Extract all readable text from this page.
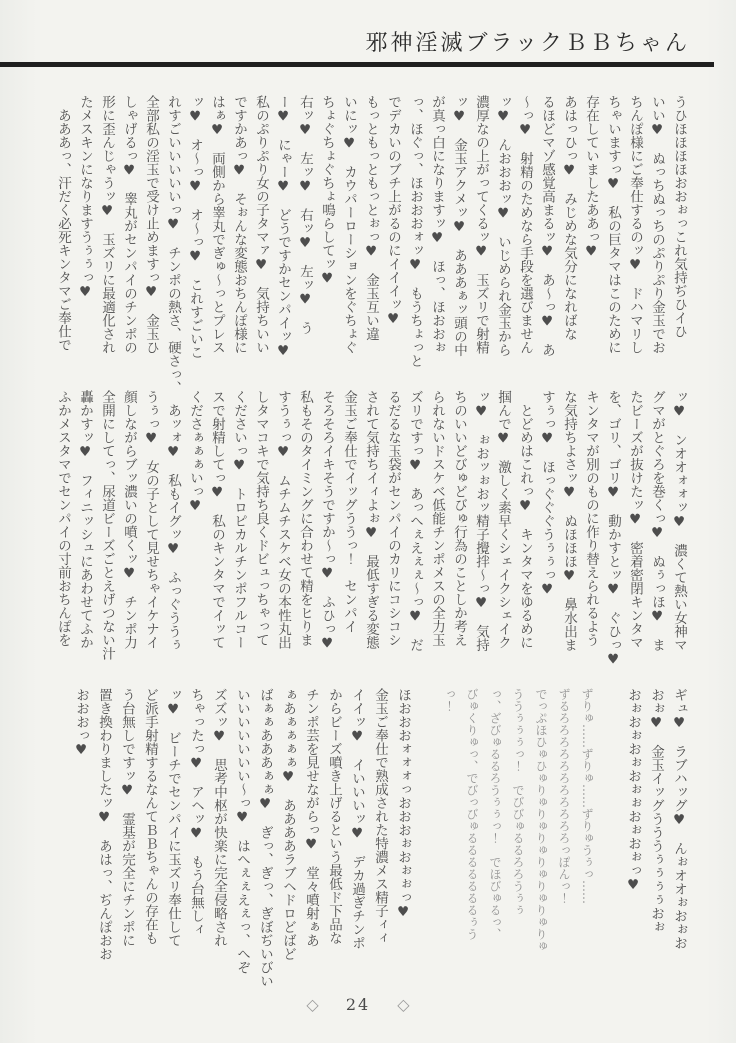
邪神淫滅ブラックＢＢちゃん

うひほほほほおおぉっこれ気持ぢひイひ

いい♥　ぬっちぬっちのぷりぷり金玉でお

ちんぽ様にご奉仕するのッ♥　ドハマリし

ちゃいますっ♥　私の巨タマはこのために

存在していましたああっ♥

あはっひっ♥　みじめな気分になればな

るほどマゾ感覚高まるッ♥　あ〜っ♥　あ

〜っ♥　射精のためなら手段を選びません

ッ♥　んおおおッ♥　いじめられ金玉から

濃厚なの上がってくるッ♥　玉ズリで射精

ッ♥　金玉アクメッ♥　あああぁッ頭の中

が真っ白になりますッ♥　ほっ、ほおおぉ

っ、ほぐっ、ほおおおォッ♥　もうちょっと

でデカいのブチ上がるのにイイイッ♥

もっともっともっとぉっ♥　金玉互い違

いにッ♥　カウパーローションをぐちょぐ

ちょぐちょぐちょ鳴らしてッ♥

右ッ♥　左ッ♥　右ッ♥　左ッ♥　う

ー♥　にゃー♥　どうですかセンパイッ♥

私のぷりぷり女の子タマァ♥　気持ちいい

ですかあっ♥　そぉんな変態おちんぽ様に

はぁ♥　両側から睾丸でぎゅ〜っとプレス

ッ♥　オ〜っ♥　オ〜っ♥　これすごいこ

れすごいいいいいっ♥　チンポの熱さ、硬さっ、

全部私の淫玉で受け止めますっ♥　金玉ひ

しゃげるっ♥　睾丸がセンパイのチンポの

形に歪んじゃうッ♥　玉ズリに最適化され

たメスキンになりますうぅぅっ♥

　あああっ、汗だく必死キンタマご奉仕で

ッ♥　ンオオォォッ♥　濃くて熱い女神マ

グマがとぐろを巻くっ♥　ぬぅっほ♥　ま

たビーズが抜けたッ♥　密着密閉キンタマ

を、ゴリ、ゴリ♥　動かすとッ♥　ぐひっ♥

キンタマが別のものに作り替えられるよう

な気持ちよさッ♥　ぬほほほ♥　鼻水出ま

すぅっ♥　ほっぐぐぐうぅぅっ♥

　とどめはこれっ♥　キンタマをゆるめに

掴んで♥　激しく素早くシェイクシェイク

ッ♥　ぉおッぉおッ精子攪拌〜っ♥　気持

ちのいいどびゅどびゅ行為のことしか考え

られないドスケベ低能チンポメスの全力玉

ズリですっ♥　あっへぇえぇぇ〜っ♥　だ

るだるな玉袋がセンパイのカリにコシコシ

されて気持ちイィよぉ♥　最低すぎる変態

金玉ご奉仕でイッグううっ！　センパイ

そろそろイキそうですか〜っ♥　ふひっ♥

私もそのタイミングに合わせて精をヒりま

すうぅっ♥　ムチムチスケベ女の本性丸出

しタマコキで気持ち良くドビュっちゃって

くださいっ♥　トロピカルチンポフルコー

スで射精してっ♥　私のキンタマでイッて

くださぁぁぁいっ♥

　あッォ♥　私もイグッ♥　ふっぐううぅ

うぅっ♥　女の子として見せちゃイケナイ

顔しながらブッ濃いの噴くッ♥　チンポ力

全開にしてっ、尿道ビーズごとえげつない汁

轟かすッ♥　フィニッシュにあわせてふか

ふかメスタマでセンパイの寸前おちんぽを

ギュ♥　ラブハッグ♥　んぉオオぉおぉお

おぉ♥　金玉イッグうううぅぅぅぅおぉ

おぉおぉおぉおぉぉおぉおぉっ♥

ずりゅ……ずりゅ……ずりゅうぅっ……

ずるろろろろろろろろろろろっぽんっ！

でっぷほひゅひゅりゅりゅりゅりゅりゅりゅりゅ

ううぅぅぅっ！　でびびゅるるろろうぅぅ

っ、ざびゅるるろうぅぅっ！　でほびゅるっ、

びゅくりゅっ、でびっびゅるるるるるるるぅう

っ！

ほおおおォォォっおおおぉおぉぉっ♥

金玉ご奉仕で熟成された特濃メス精子ィィ

イイッ♥　イいいいッ♥　デカ過ぎチンポ

からビーズ噴き上げるという最低ド下品な

チンポ芸を見せながらっ♥　堂々噴射ぁあ

ぁあぁぁぁぁ♥　ああああラブヘドロどばど

ばぁぁあああぁぁ♥　ぎっ、ぎっ、ぎぼぢいびい

いいいいいいい〜っ♥　はへぇぇえぇっ、へぞ

ズズッ♥　思考中枢が快楽に完全侵略され

ちゃったっ♥　アヘッ♥　もう台無しィ

ッ♥　ビーチでセンパイに玉ズリ奉仕して

ど派手射精するなんてＢＢちゃんの存在も

う台無しですッ♥　霊基が完全にチンポに

置き換わりましたッ♥　あはっ、ぢんぽおお

おおおっ♥

◇ 24 ◇
